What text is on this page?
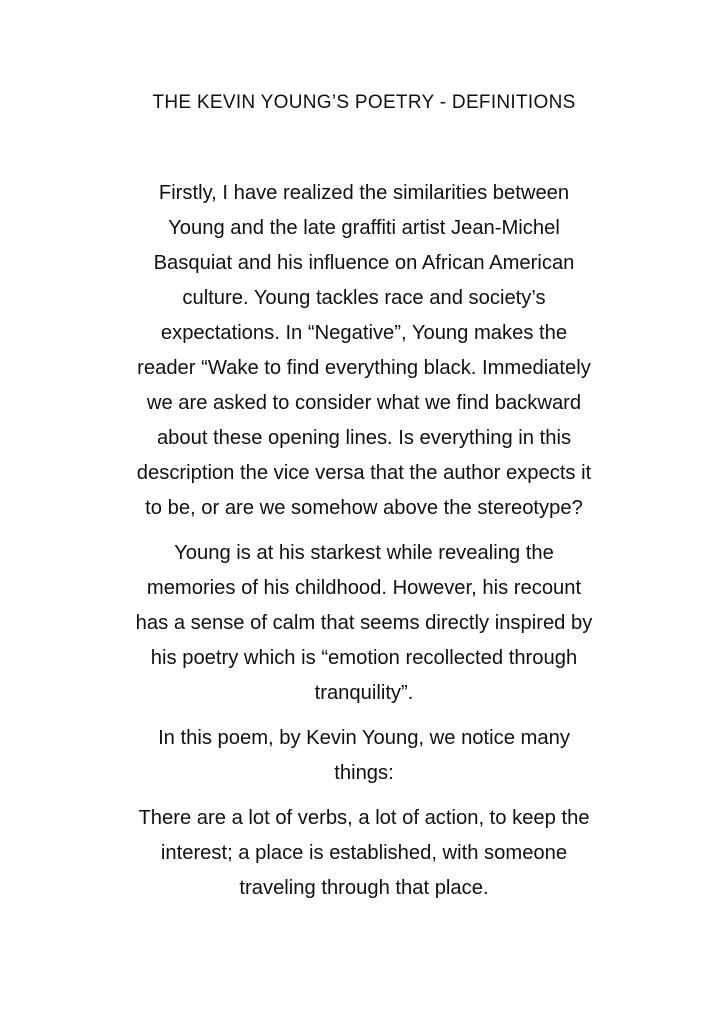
THE KEVIN YOUNG’S POETRY - DEFINITIONS

Firstly, I have realized the similarities between
Young and the late graffiti artist Jean-Michel
Basquiat and his influence on African American
culture. Young tackles race and society’s
expectations. In “Negative”, Young makes the
reader “Wake to find everything black. Immediately
we are asked to consider what we find backward
about these opening lines. Is everything in this
description the vice versa that the author expects it
to be, or are we somehow above the stereotype?

Young is at his starkest while revealing the
memories of his childhood. However, his recount
has a sense of calm that seems directly inspired by
his poetry which is “emotion recollected through
tranquility”.

In this poem, by Kevin Young, we notice many
things:

There are a lot of verbs, a lot of action, to keep the
interest; a place is established, with someone
traveling through that place.
